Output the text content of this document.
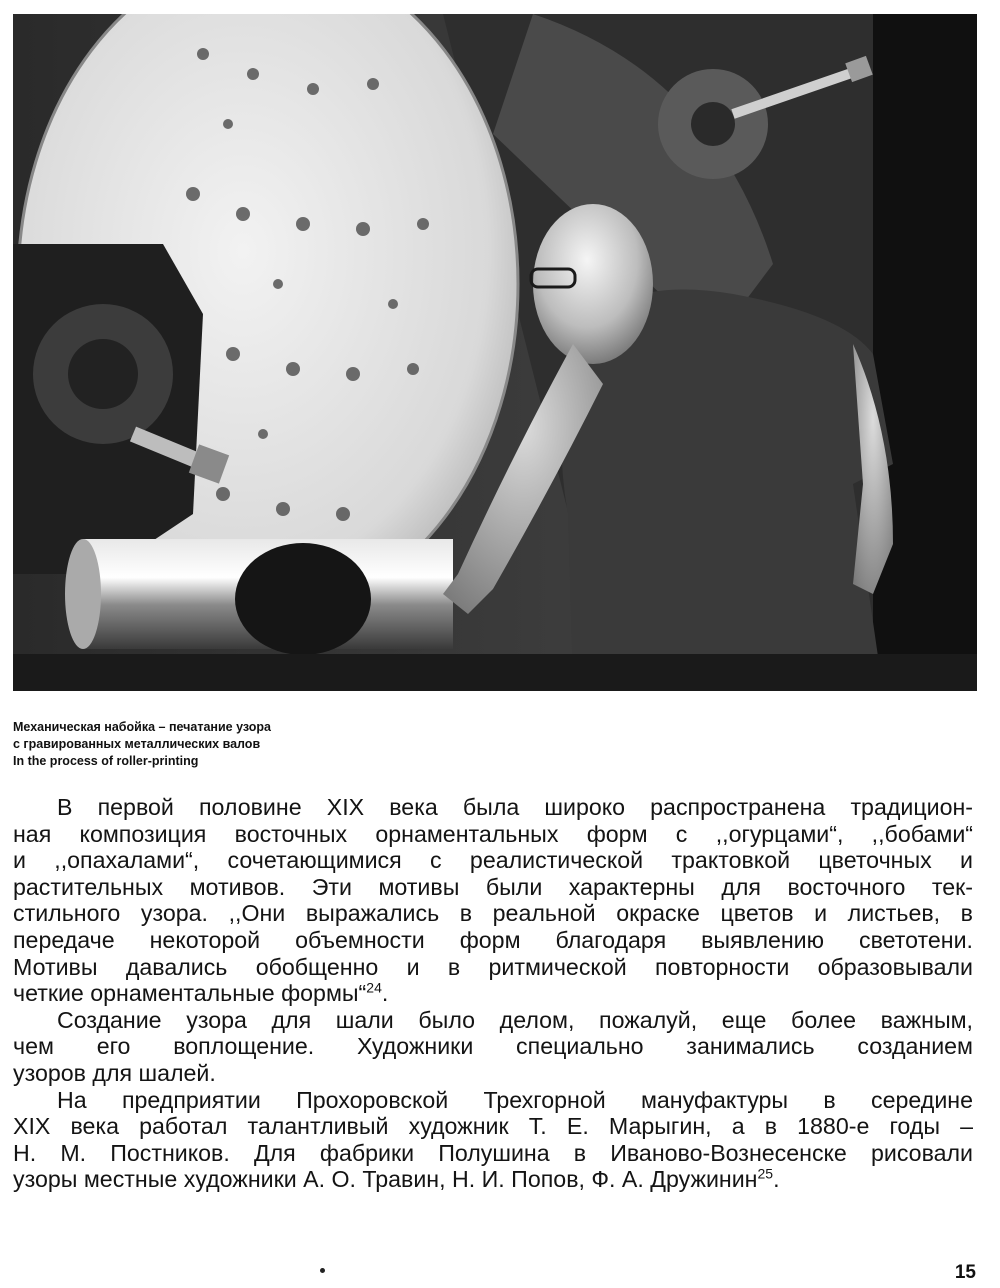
Механическая набойка – печатание узора
с гравированных металлических валов
In the process of roller-printing

В первой половине XIX века была широко распространена традицион-
ная композиция восточных орнаментальных форм с ,,огурцами“, ,,бобами“
и ,,опахалами“, сочетающимися с реалистической трактовкой цветочных и
растительных мотивов. Эти мотивы были характерны для восточного тек-
стильного узора. ,,Они выражались в реальной окраске цветов и листьев, в
передаче некоторой объемности форм благодаря выявлению светотени.
Мотивы давались обобщенно и в ритмической повторности образовывали
четкие орнаментальные формы“$^{24}$.

Создание узора для шали было делом, пожалуй, еще более важным,
чем его воплощение. Художники специально занимались созданием
узоров для шалей.

На предприятии Прохоровской Трехгорной мануфактуры в середине
XIX века работал талантливый художник Т. Е. Марыгин, а в 1880-е годы –
Н. М. Постников. Для фабрики Полушина в Иваново-Вознесенске рисовали
узоры местные художники А. О. Травин, Н. И. Попов, Ф. А. Дружинин$^{25}$.

15
